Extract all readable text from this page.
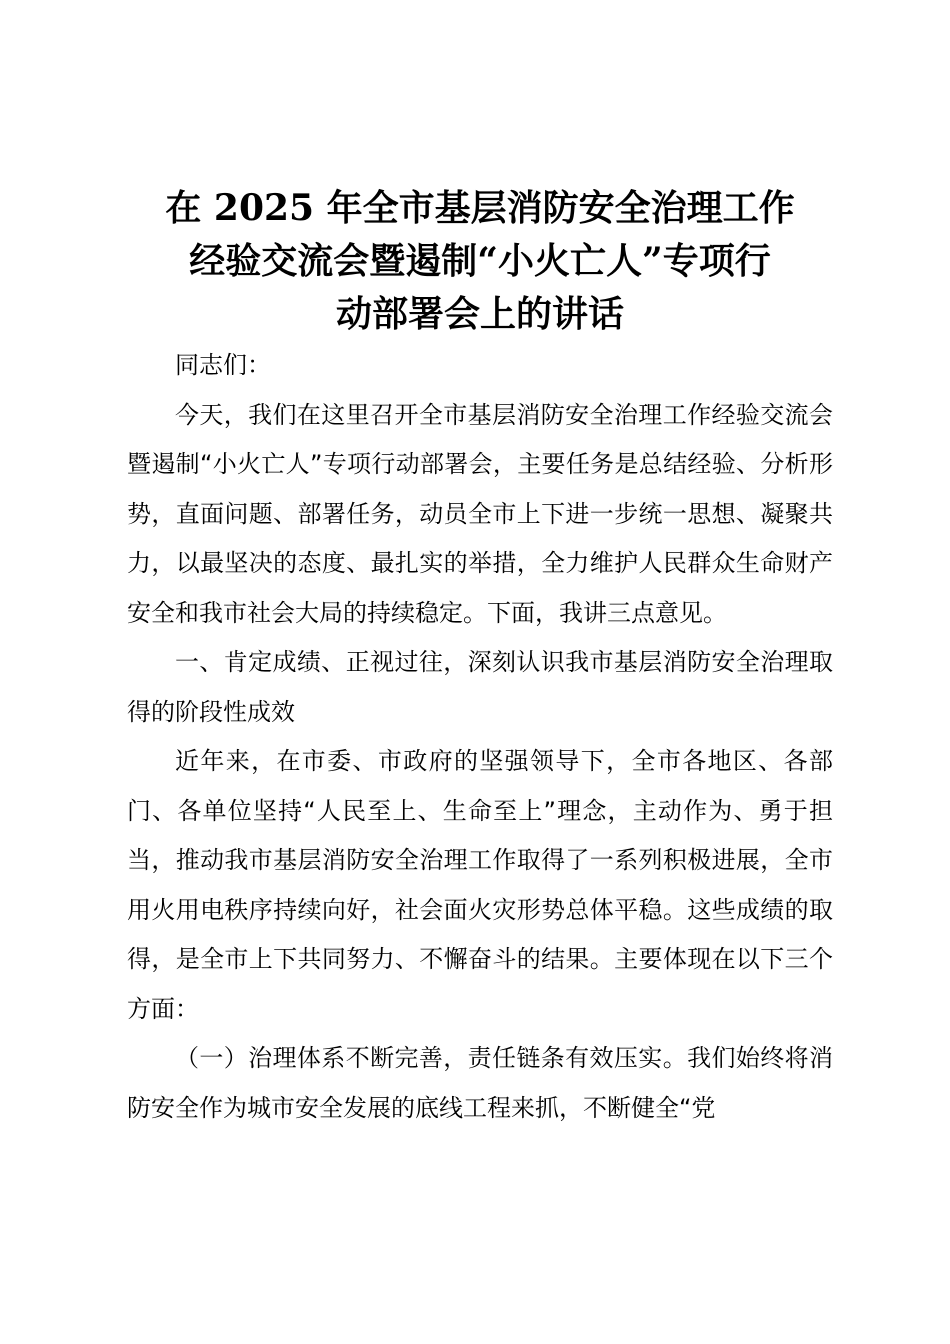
在 2025 年全市基层消防安全治理工作
经验交流会暨遏制“小火亡人”专项行
动部署会上的讲话

同志们：

今天，我们在这里召开全市基层消防安全治理工作经验交流会暨遏制“小火亡人”专项行动部署会，主要任务是总结经验、分析形势，直面问题、部署任务，动员全市上下进一步统一思想、凝聚共力，以最坚决的态度、最扎实的举措，全力维护人民群众生命财产安全和我市社会大局的持续稳定。下面，我讲三点意见。

一、肯定成绩、正视过往，深刻认识我市基层消防安全治理取得的阶段性成效

近年来，在市委、市政府的坚强领导下，全市各地区、各部门、各单位坚持“人民至上、生命至上”理念，主动作为、勇于担当，推动我市基层消防安全治理工作取得了一系列积极进展，全市用火用电秩序持续向好，社会面火灾形势总体平稳。这些成绩的取得，是全市上下共同努力、不懈奋斗的结果。主要体现在以下三个方面：

（一）治理体系不断完善，责任链条有效压实。我们始终将消防安全作为城市安全发展的底线工程来抓，不断健全“党
